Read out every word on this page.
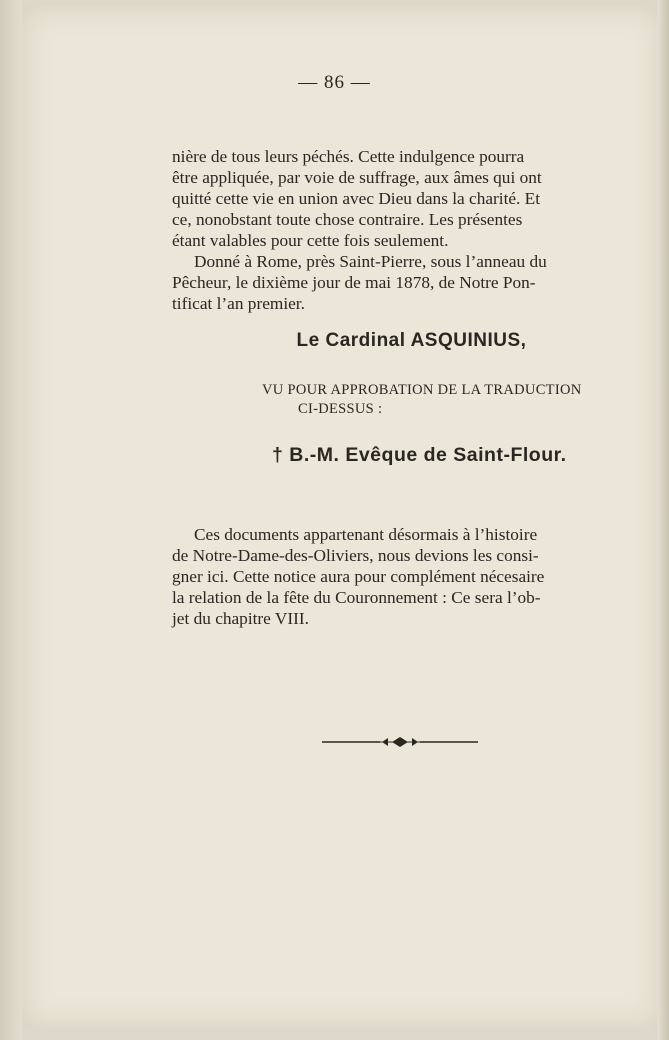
— 86 —

nière de tous leurs péchés. Cette indulgence pourra

être appliquée, par voie de suffrage, aux âmes qui ont

quitté cette vie en union avec Dieu dans la charité. Et

ce, nonobstant toute chose contraire. Les présentes

étant valables pour cette fois seulement.

Donné à Rome, près Saint-Pierre, sous l’anneau du

Pêcheur, le dixième jour de mai 1878, de Notre Pon-

tificat l’an premier.

Le Cardinal ASQUINIUS,
VU POUR APPROBATION DE LA TRADUCTION
CI-DESSUS :
† B.-M. Evêque de Saint-Flour.

Ces documents appartenant désormais à l’histoire

de Notre-Dame-des-Oliviers, nous devions les consi-

gner ici. Cette notice aura pour complément nécesaire

la relation de la fête du Couronnement : Ce sera l’ob-

jet du chapitre VIII.
